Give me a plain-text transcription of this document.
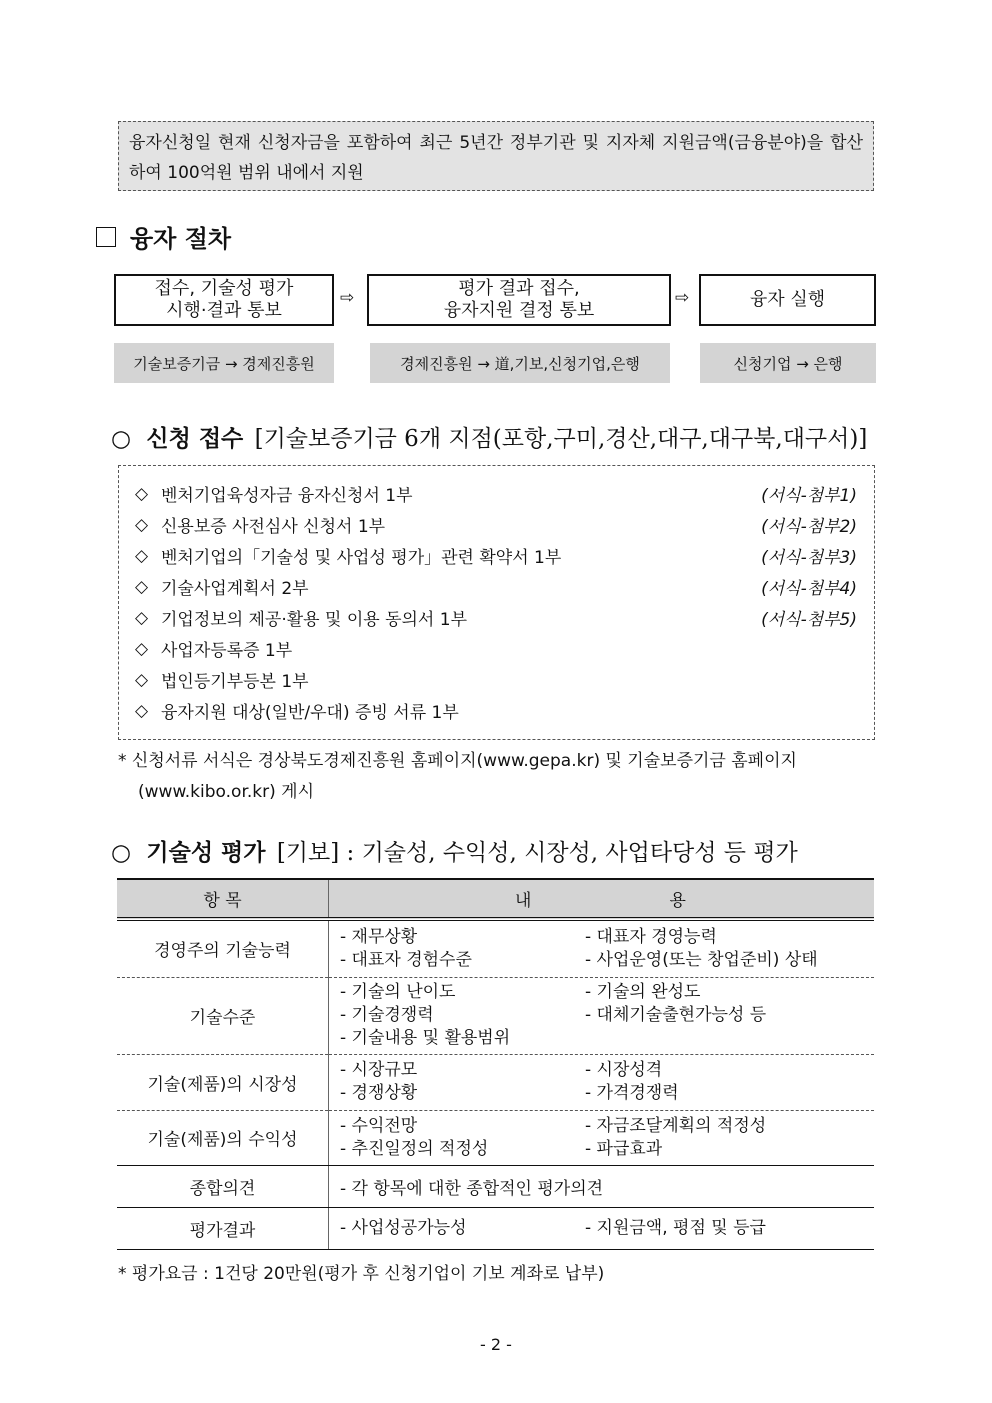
융자신청일 현재 신청자금을 포함하여 최근 5년간 정부기관 및 지자체 지원금액(금융분야)을 합산하여 100억원 범위 내에서 지원
융자 절차
접수, 기술성 평가
시행·결과 통보
⇨	평가 결과 접수,
융자지원 결정 통보
⇨	융자 실행
기술보증기금 → 경제진흥원	경제진흥원 → 道,기보,신청기업,은행	신청기업 → 은행
○ 신청 접수 [기술보증기금 6개 지점(포항,구미,경산,대구,대구북,대구서)]
◇ 벤처기업육성자금 융자신청서 1부	(서식-첨부1)
◇ 신용보증 사전심사 신청서 1부	(서식-첨부2)
◇ 벤처기업의「기술성 및 사업성 평가」관련 확약서 1부	(서식-첨부3)
◇ 기술사업계획서 2부	(서식-첨부4)
◇ 기업정보의 제공·활용 및 이용 동의서 1부	(서식-첨부5)
◇ 사업자등록증 1부
◇ 법인등기부등본 1부
◇ 융자지원 대상(일반/우대) 증빙 서류 1부
* 신청서류 서식은 경상북도경제진흥원 홈페이지(www.gepa.kr) 및 기술보증기금 홈페이지
(www.kibo.or.kr) 게시
○ 기술성 평가 [기보] : 기술성, 수익성, 시장성, 사업타당성 등 평가
항 목	내 용

경영주의 기술능력	- 재무상황 - 대표자 경영능력
- 대표자 경험수준 - 사업운영(또는 창업준비) 상태

기술수준	- 기술의 난이도 - 기술의 완성도
- 기술경쟁력 - 대체기술출현가능성 등
- 기술내용 및 활용범위

기술(제품)의 시장성	- 시장규모 - 시장성격
- 경쟁상황 - 가격경쟁력

기술(제품)의 수익성	- 수익전망 - 자금조달계획의 적정성
- 추진일정의 적정성 - 파급효과

종합의견	- 각 항목에 대한 종합적인 평가의견

평가결과	- 사업성공가능성 - 지원금액, 평점 및 등급
* 평가요금 : 1건당 20만원(평가 후 신청기업이 기보 계좌로 납부)
- 2 -
